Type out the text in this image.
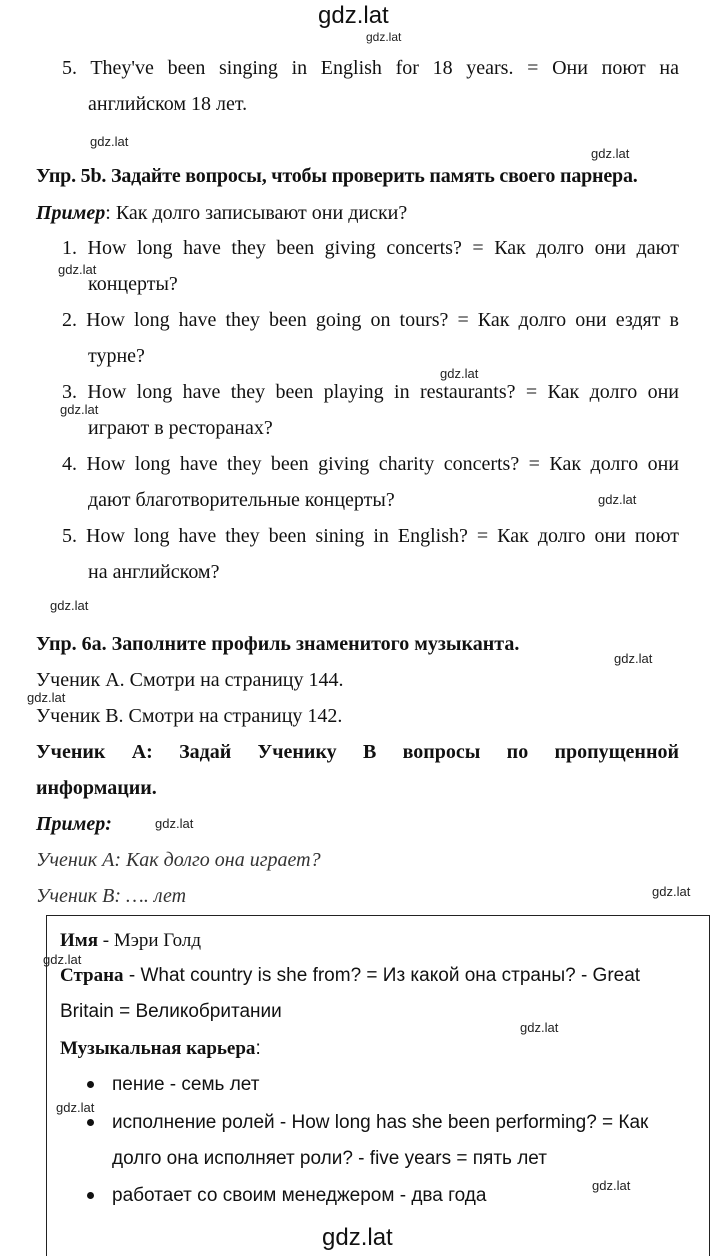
gdz.lat
gdz.lat
gdz.lat
gdz.lat
gdz.lat
gdz.lat
gdz.lat
gdz.lat
gdz.lat
gdz.lat
gdz.lat
gdz.lat
gdz.lat
gdz.lat
gdz.lat
gdz.lat
gdz.lat
gdz.lat
5. They've been singing in English for 18 years. = Они поют на
английском 18 лет.
Упр. 5b. Задайте вопросы, чтобы проверить память своего парнера.
Пример: Как долго записывают они диски?
1. How long have they been giving concerts? = Как долго они дают
концерты?
2. How long have they been going on tours? = Как долго они ездят в
турне?
3. How long have they been playing in restaurants? = Как долго они
играют в ресторанах?
4. How long have they been giving charity concerts? = Как долго они
дают благотворительные концерты?
5. How long have they been sining in English? = Как долго они поют
на английском?
Упр. 6а. Заполните профиль знаменитого музыканта.
Ученик А. Смотри на страницу 144.
Ученик В. Смотри на страницу 142.
Ученик А: Задай Ученику В вопросы по пропущенной
информации.
Пример:
Ученик А: Как долго она играет?
Ученик В: …. лет
Имя - Мэри Голд
Страна - What country is she from? = Из какой она страны? - Great
Britain = Великобритании
Музыкальная карьера:
пение - семь лет
исполнение ролей - How long has she been performing? = Как
долго она исполняет роли? - five years = пять лет
работает со своим менеджером - два года
